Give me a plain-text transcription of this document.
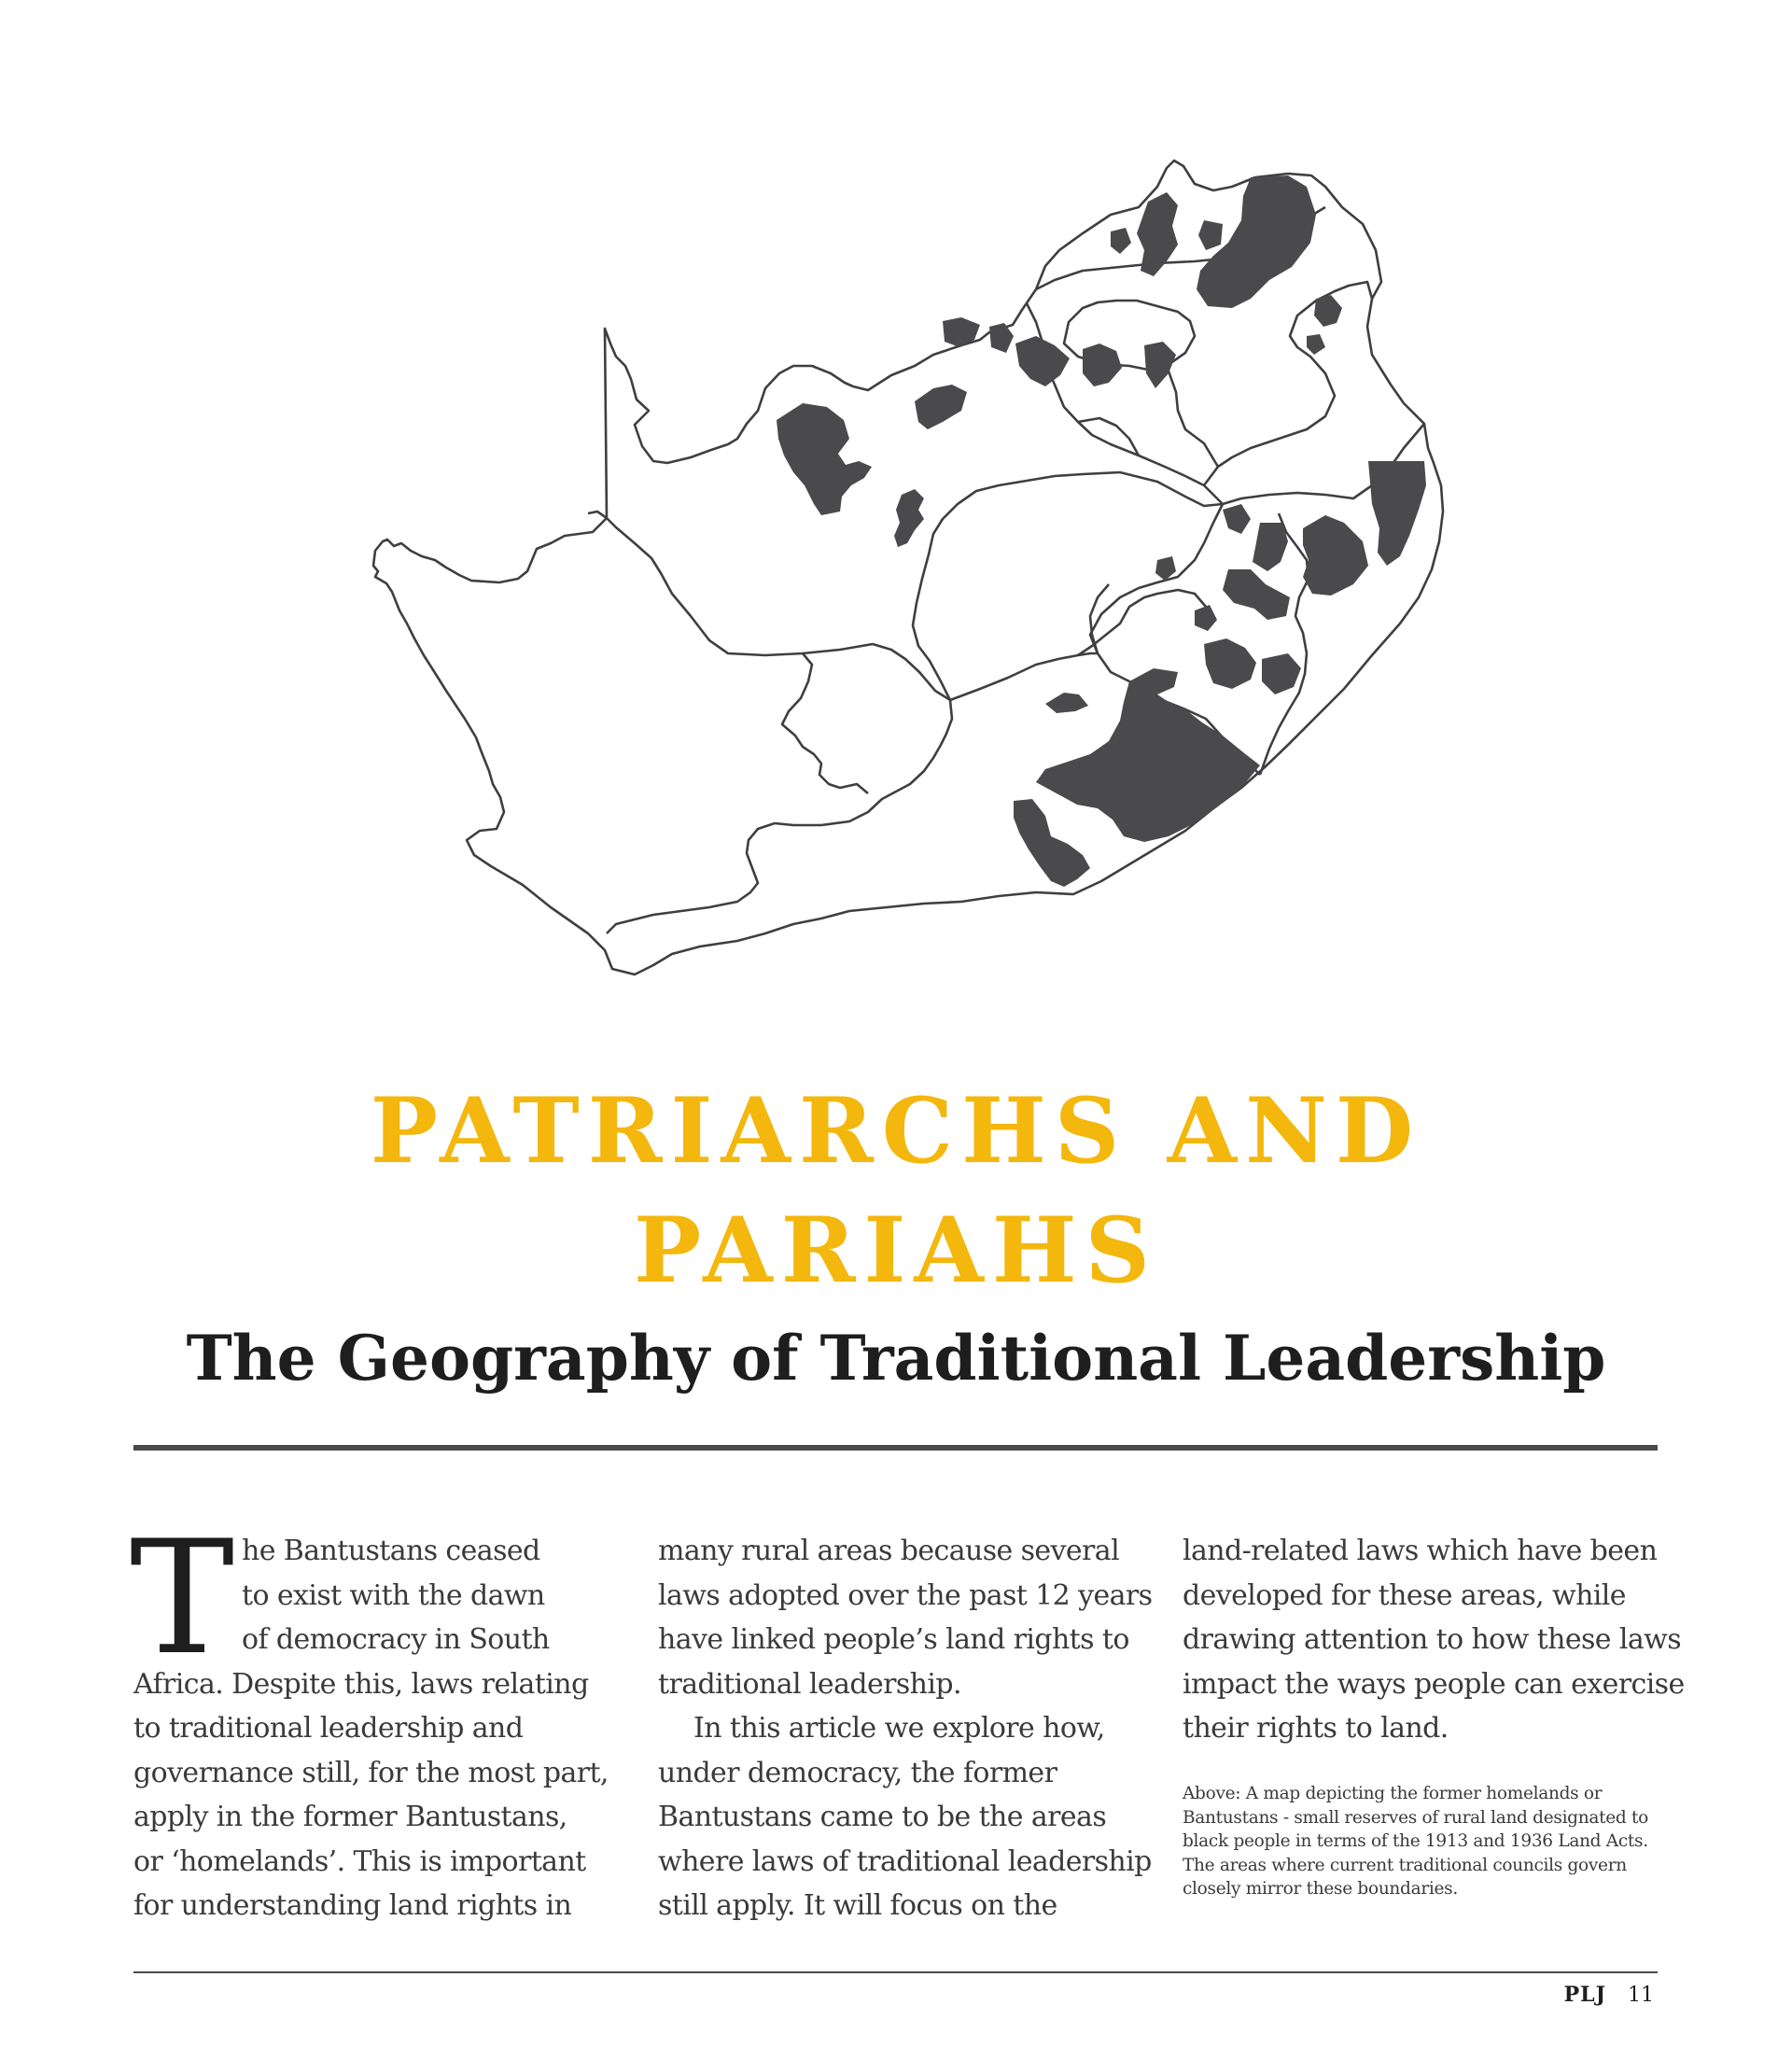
PATRIARCHS AND
PARIAHS
The Geography of Traditional Leadership
T he Bantustans ceased
to exist with the dawn
of democracy in South
Africa. Despite this, laws relating
to traditional leadership and
governance still, for the most part,
apply in the former Bantustans,
or ‘homelands’. This is important
for understanding land rights in
many rural areas because several
laws adopted over the past 12 years
have linked people’s land rights to
traditional leadership.
In this article we explore how,
under democracy, the former
Bantustans came to be the areas
where laws of traditional leadership
still apply. It will focus on the
land-related laws which have been
developed for these areas, while
drawing attention to how these laws
impact the ways people can exercise
their rights to land.
Above: A map depicting the former homelands or
Bantustans - small reserves of rural land designated to
black people in terms of the 1913 and 1936 Land Acts.
The areas where current traditional councils govern
closely mirror these boundaries.
PLJ 11
